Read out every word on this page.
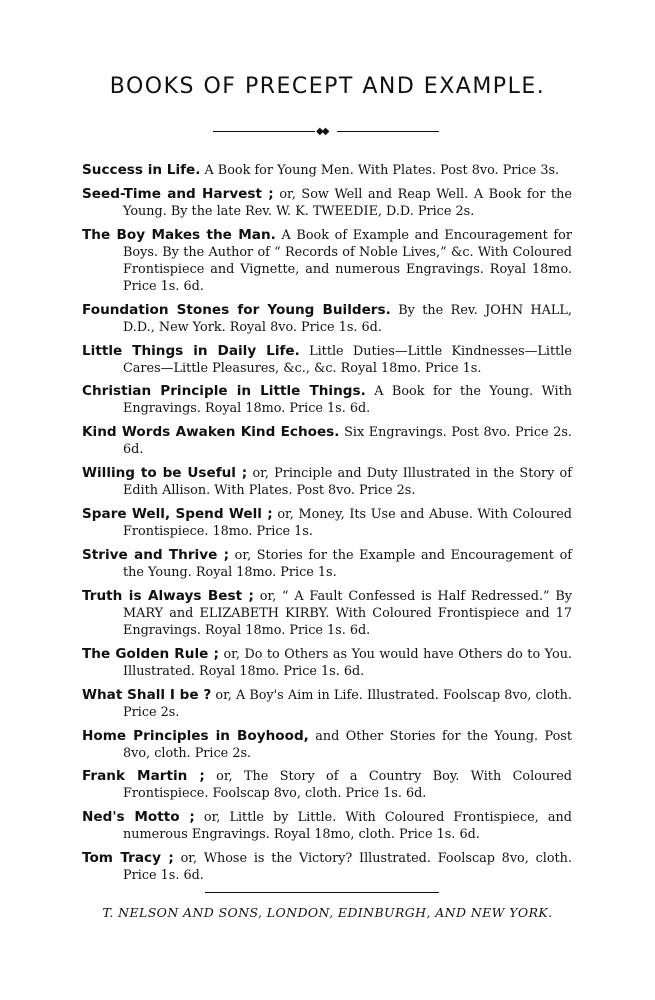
BOOKS OF PRECEPT AND EXAMPLE.
◆◆
Success in Life. A Book for Young Men. With Plates. Post 8vo. Price 3s.
Seed-Time and Harvest ; or, Sow Well and Reap Well. A Book for the Young. By the late Rev. W. K. TWEEDIE, D.D. Price 2s.
The Boy Makes the Man. A Book of Example and Encouragement for Boys. By the Author of “ Records of Noble Lives,” &c. With Coloured Frontispiece and Vignette, and numerous Engravings. Royal 18mo. Price 1s. 6d.
Foundation Stones for Young Builders. By the Rev. JOHN HALL, D.D., New York. Royal 8vo. Price 1s. 6d.
Little Things in Daily Life. Little Duties—Little Kindnesses—Little Cares—Little Pleasures, &c., &c. Royal 18mo. Price 1s.
Christian Principle in Little Things. A Book for the Young. With Engravings. Royal 18mo. Price 1s. 6d.
Kind Words Awaken Kind Echoes. Six Engravings. Post 8vo. Price 2s. 6d.
Willing to be Useful ; or, Principle and Duty Illustrated in the Story of Edith Allison. With Plates. Post 8vo. Price 2s.
Spare Well, Spend Well ; or, Money, Its Use and Abuse. With Coloured Frontispiece. 18mo. Price 1s.
Strive and Thrive ; or, Stories for the Example and Encouragement of the Young. Royal 18mo. Price 1s.
Truth is Always Best ; or, “ A Fault Confessed is Half Redressed.” By MARY and ELIZABETH KIRBY. With Coloured Frontispiece and 17 Engravings. Royal 18mo. Price 1s. 6d.
The Golden Rule ; or, Do to Others as You would have Others do to You. Illustrated. Royal 18mo. Price 1s. 6d.
What Shall I be ? or, A Boy's Aim in Life. Illustrated. Foolscap 8vo, cloth. Price 2s.
Home Principles in Boyhood, and Other Stories for the Young. Post 8vo, cloth. Price 2s.
Frank Martin ; or, The Story of a Country Boy. With Coloured Frontispiece. Foolscap 8vo, cloth. Price 1s. 6d.
Ned's Motto ; or, Little by Little. With Coloured Frontispiece, and numerous Engravings. Royal 18mo, cloth. Price 1s. 6d.
Tom Tracy ; or, Whose is the Victory? Illustrated. Foolscap 8vo, cloth. Price 1s. 6d.
T. NELSON AND SONS, LONDON, EDINBURGH, AND NEW YORK.
